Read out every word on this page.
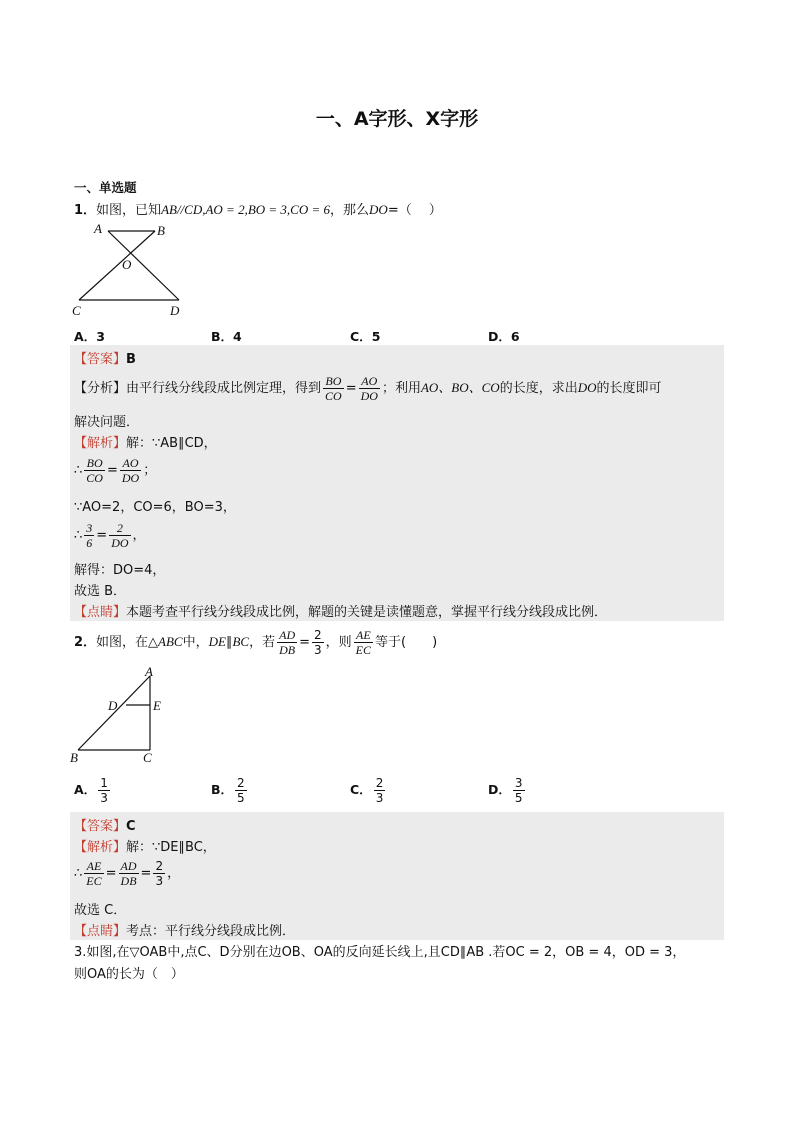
一、A字形、X字形
一、单选题
1．如图，已知AB//CD,AO = 2,BO = 3,CO = 6，那么DO=（　 ）
A	B
O
C	D
A．3	B．4	C．5	D．6
【答案】B
【分析】由平行线分线段成比例定理，得到 $\frac{BO}{CO} = \frac{AO}{DO}$ ；利用AO、BO、CO的长度，求出DO的长度即可
解决问题．
【解析】解：∵AB∥CD，
∴ $\frac{BO}{CO} = \frac{AO}{DO}$ ；
∵AO=2，CO=6，BO=3，
∴ $\frac{3}{6} = \frac{2}{DO}$ ，
解得：DO=4，
故选 B．
【点睛】本题考查平行线分线段成比例，解题的关键是读懂题意，掌握平行线分线段成比例．
2．如图，在△ABC中，DE∥BC，若 $\frac{AD}{DB} = \frac{2}{3}$ ，则 $\frac{AE}{EC}$ 等于(　　)
A
D	E
B	C
A． $\frac{1}{3}$	B． $\frac{2}{5}$	C． $\frac{2}{3}$	D． $\frac{3}{5}$
【答案】C
【解析】解：∵DE∥BC，
∴ $\frac{AE}{EC} = \frac{AD}{DB} = \frac{2}{3}$ ，
故选 C．
【点睛】考点：平行线分线段成比例．
3.如图,在▽OAB中,点C、D分别在边OB、OA的反向延长线上,且CD∥AB .若OC = 2，OB = 4，OD = 3，
则OA的长为（　）
